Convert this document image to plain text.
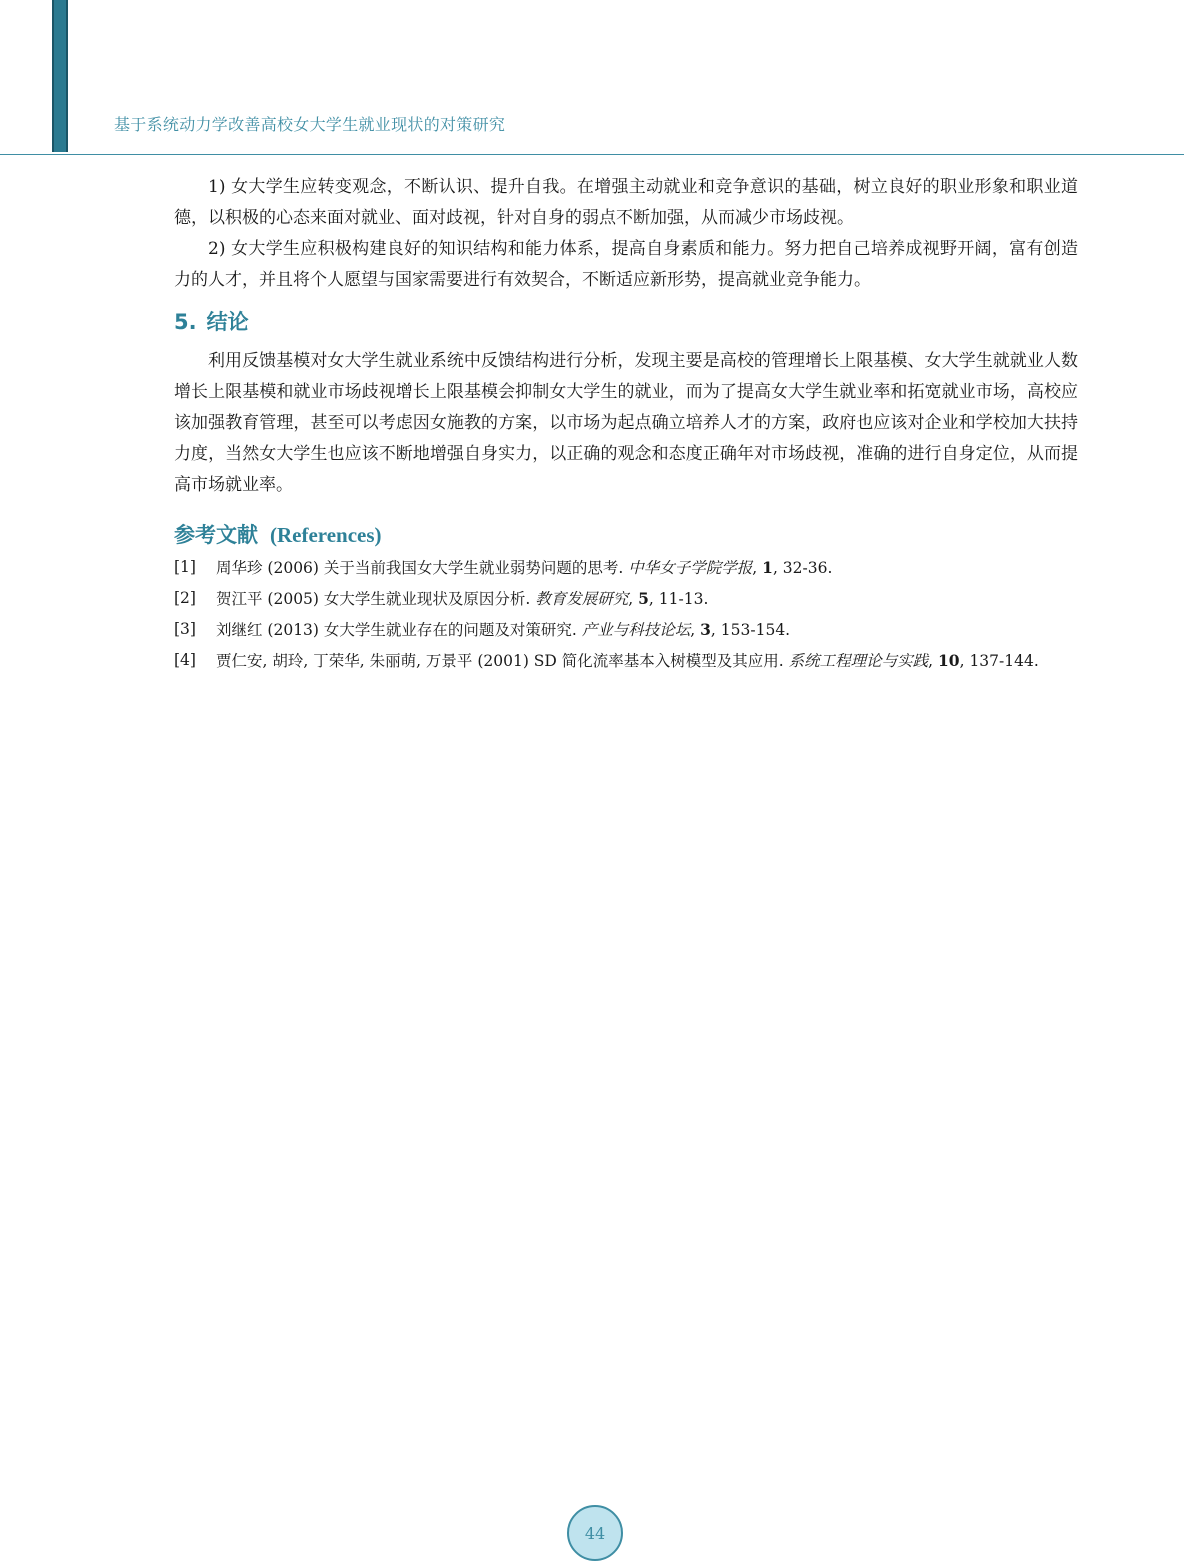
基于系统动力学改善高校女大学生就业现状的对策研究

1) 女大学生应转变观念，不断认识、提升自我。在增强主动就业和竞争意识的基础，树立良好的职业形象和职业道德，以积极的心态来面对就业、面对歧视，针对自身的弱点不断加强，从而减少市场歧视。

2) 女大学生应积极构建良好的知识结构和能力体系，提高自身素质和能力。努力把自己培养成视野开阔，富有创造力的人才，并且将个人愿望与国家需要进行有效契合，不断适应新形势，提高就业竞争能力。

5. 结论

利用反馈基模对女大学生就业系统中反馈结构进行分析，发现主要是高校的管理增长上限基模、女大学生就就业人数增长上限基模和就业市场歧视增长上限基模会抑制女大学生的就业，而为了提高女大学生就业率和拓宽就业市场，高校应该加强教育管理，甚至可以考虑因女施教的方案，以市场为起点确立培养人才的方案，政府也应该对企业和学校加大扶持力度，当然女大学生也应该不断地增强自身实力，以正确的观念和态度正确年对市场歧视，准确的进行自身定位，从而提高市场就业率。

参考文献 (References)
[1]	周华珍 (2006) 关于当前我国女大学生就业弱势问题的思考. 中华女子学院学报, 1, 32-36.
[2]	贺江平 (2005) 女大学生就业现状及原因分析. 教育发展研究, 5, 11-13.
[3]	刘继红 (2013) 女大学生就业存在的问题及对策研究. 产业与科技论坛, 3, 153-154.
[4]	贾仁安, 胡玲, 丁荣华, 朱丽萌, 万景平 (2001) SD 简化流率基本入树模型及其应用. 系统工程理论与实践, 10, 137-144.
44
